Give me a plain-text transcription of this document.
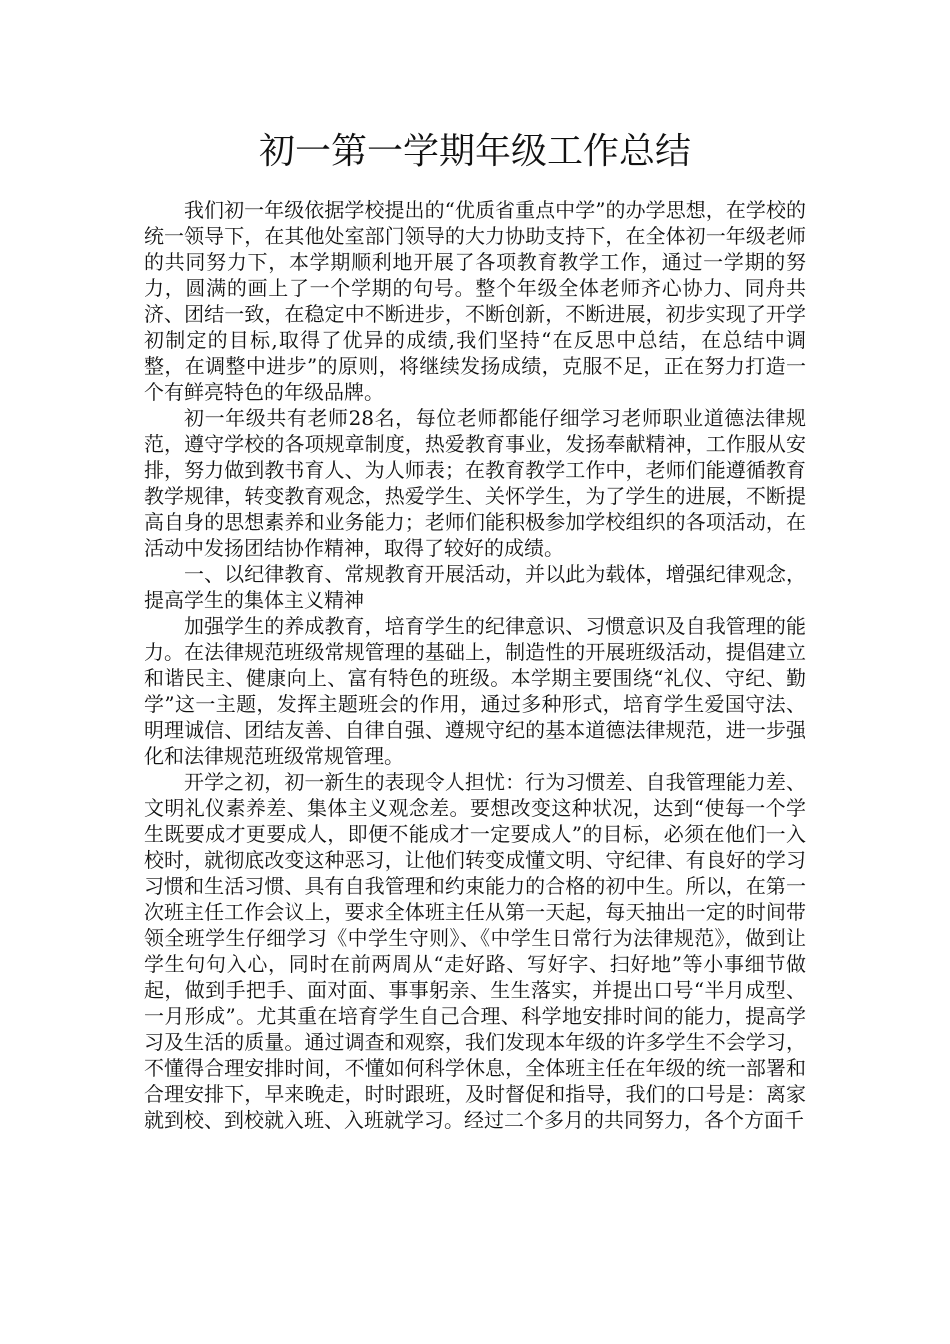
初一第一学期年级工作总结

我们初一年级依据学校提出的“优质省重点中学”的办学思想，在学校的统一领导下，在其他处室部门领导的大力协助支持下，在全体初一年级老师的共同努力下，本学期顺利地开展了各项教育教学工作，通过一学期的努力，圆满的画上了一个学期的句号。整个年级全体老师齐心协力、同舟共济、团结一致，在稳定中不断进步，不断创新，不断进展，初步实现了开学初制定的目标,取得了优异的成绩,我们坚持“在反思中总结，在总结中调整，在调整中进步”的原则，将继续发扬成绩，克服不足，正在努力打造一个有鲜亮特色的年级品牌。

初一年级共有老师28名，每位老师都能仔细学习老师职业道德法律规范，遵守学校的各项规章制度，热爱教育事业，发扬奉献精神，工作服从安排，努力做到教书育人、为人师表；在教育教学工作中，老师们能遵循教育教学规律，转变教育观念，热爱学生、关怀学生，为了学生的进展，不断提高自身的思想素养和业务能力；老师们能积极参加学校组织的各项活动，在活动中发扬团结协作精神，取得了较好的成绩。

一、以纪律教育、常规教育开展活动，并以此为载体，增强纪律观念，提高学生的集体主义精神

加强学生的养成教育，培育学生的纪律意识、习惯意识及自我管理的能力。在法律规范班级常规管理的基础上，制造性的开展班级活动，提倡建立和谐民主、健康向上、富有特色的班级。本学期主要围绕“礼仪、守纪、勤学”这一主题，发挥主题班会的作用，通过多种形式，培育学生爱国守法、明理诚信、团结友善、自律自强、遵规守纪的基本道德法律规范，进一步强化和法律规范班级常规管理。

开学之初，初一新生的表现令人担忧：行为习惯差、自我管理能力差、文明礼仪素养差、集体主义观念差。要想改变这种状况，达到“使每一个学生既要成才更要成人，即便不能成才一定要成人”的目标，必须在他们一入校时，就彻底改变这种恶习，让他们转变成懂文明、守纪律、有良好的学习习惯和生活习惯、具有自我管理和约束能力的合格的初中生。所以，在第一次班主任工作会议上，要求全体班主任从第一天起，每天抽出一定的时间带领全班学生仔细学习《中学生守则》、《中学生日常行为法律规范》，做到让学生句句入心，同时在前两周从“走好路、写好字、扫好地”等小事细节做起，做到手把手、面对面、事事躬亲、生生落实，并提出口号“半月成型、一月形成”。尤其重在培育学生自己合理、科学地安排时间的能力，提高学习及生活的质量。通过调查和观察，我们发现本年级的许多学生不会学习，不懂得合理安排时间，不懂如何科学休息，全体班主任在年级的统一部署和合理安排下，早来晚走，时时跟班，及时督促和指导，我们的口号是：离家就到校、到校就入班、入班就学习。经过二个多月的共同努力，各个方面千
